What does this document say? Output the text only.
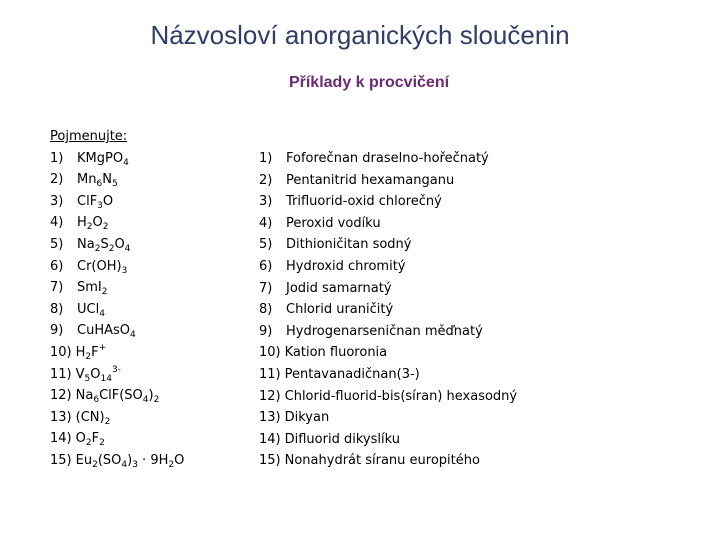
Názvosloví anorganických sloučenin
Příklady k procvičení
Pojmenujte:
1) KMgPO$_4$
2) $Mn_6N_5$
3) ClF$_3$O
4) $H_2O_2$
5) $Na_2S_2O_4$
6) $Cr(OH)_3$
7) SmI$_2$
8) UCl$_4$
9) CuHAsO$_4$
10) $H_2F^+$
11) $V_5O_{14}^{3-}$
12) $Na_6ClF(SO_4)_2$
13) $(CN)_2$
14) $O_2F_2$
15) $Eu_2(SO_4)_3 \cdot 9H_2O$
1) Foforečnan draselno-hořečnatý
2) Pentanitrid hexamanganu
3) Trifluorid-oxid chlorečný
4) Peroxid vodíku
5) Dithioničitan sodný
6) Hydroxid chromitý
7) Jodid samarnatý
8) Chlorid uraničitý
9) Hydrogenarseničnan měďnatý
10) Kation fluoronia
11) Pentavanadičnan(3-)
12) Chlorid-fluorid-bis(síran) hexasodný
13) Dikyan
14) Difluorid dikyslíku
15) Nonahydrát síranu europitého
